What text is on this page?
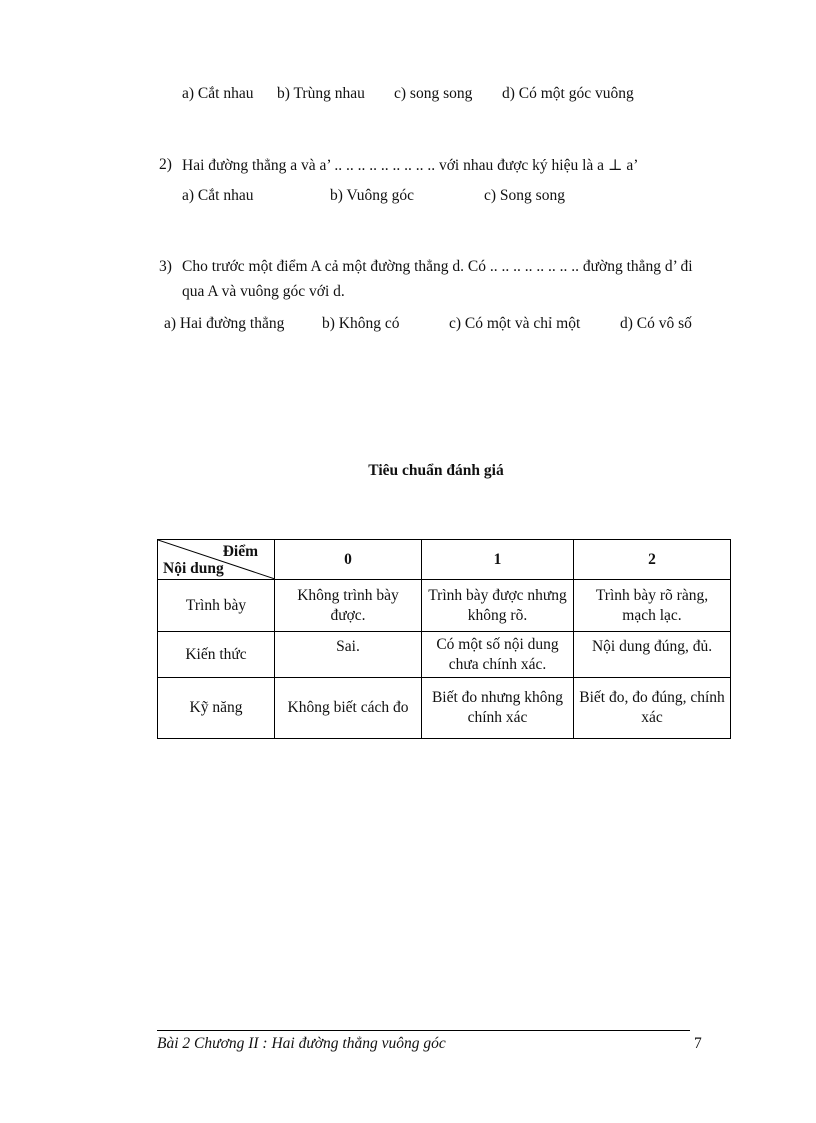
a) Cắt nhau b) Trùng nhau c) song song d) Có một góc vuông
2) Hai đường thẳng a và a’ .. .. .. .. .. .. .. .. .. với nhau được ký hiệu là a ⊥ a’
a) Cắt nhau	b) Vuông góc	c) Song song
3) Cho trước một điểm A cả một đường thẳng d. Có .. .. .. .. .. .. .. .. đường thẳng d’ đi
qua A và vuông góc với d.
a) Hai đường thẳng b) Không có	c) Có một và chỉ một	d) Có vô số
Tiêu chuẩn đánh giá
Điểm
Nội dung	0	1	2
Trình bày	Không trình bày được.	Trình bày được nhưng không rõ.	Trình bày rõ ràng, mạch lạc.
Kiến thức	Sai.	Có một số nội dung chưa chính xác.	Nội dung đúng, đủ.
Kỹ năng	Không biết cách đo	Biết đo nhưng không chính xác	Biết đo, đo đúng, chính xác
Bài 2 Chương II : Hai đường thẳng vuông góc	7
